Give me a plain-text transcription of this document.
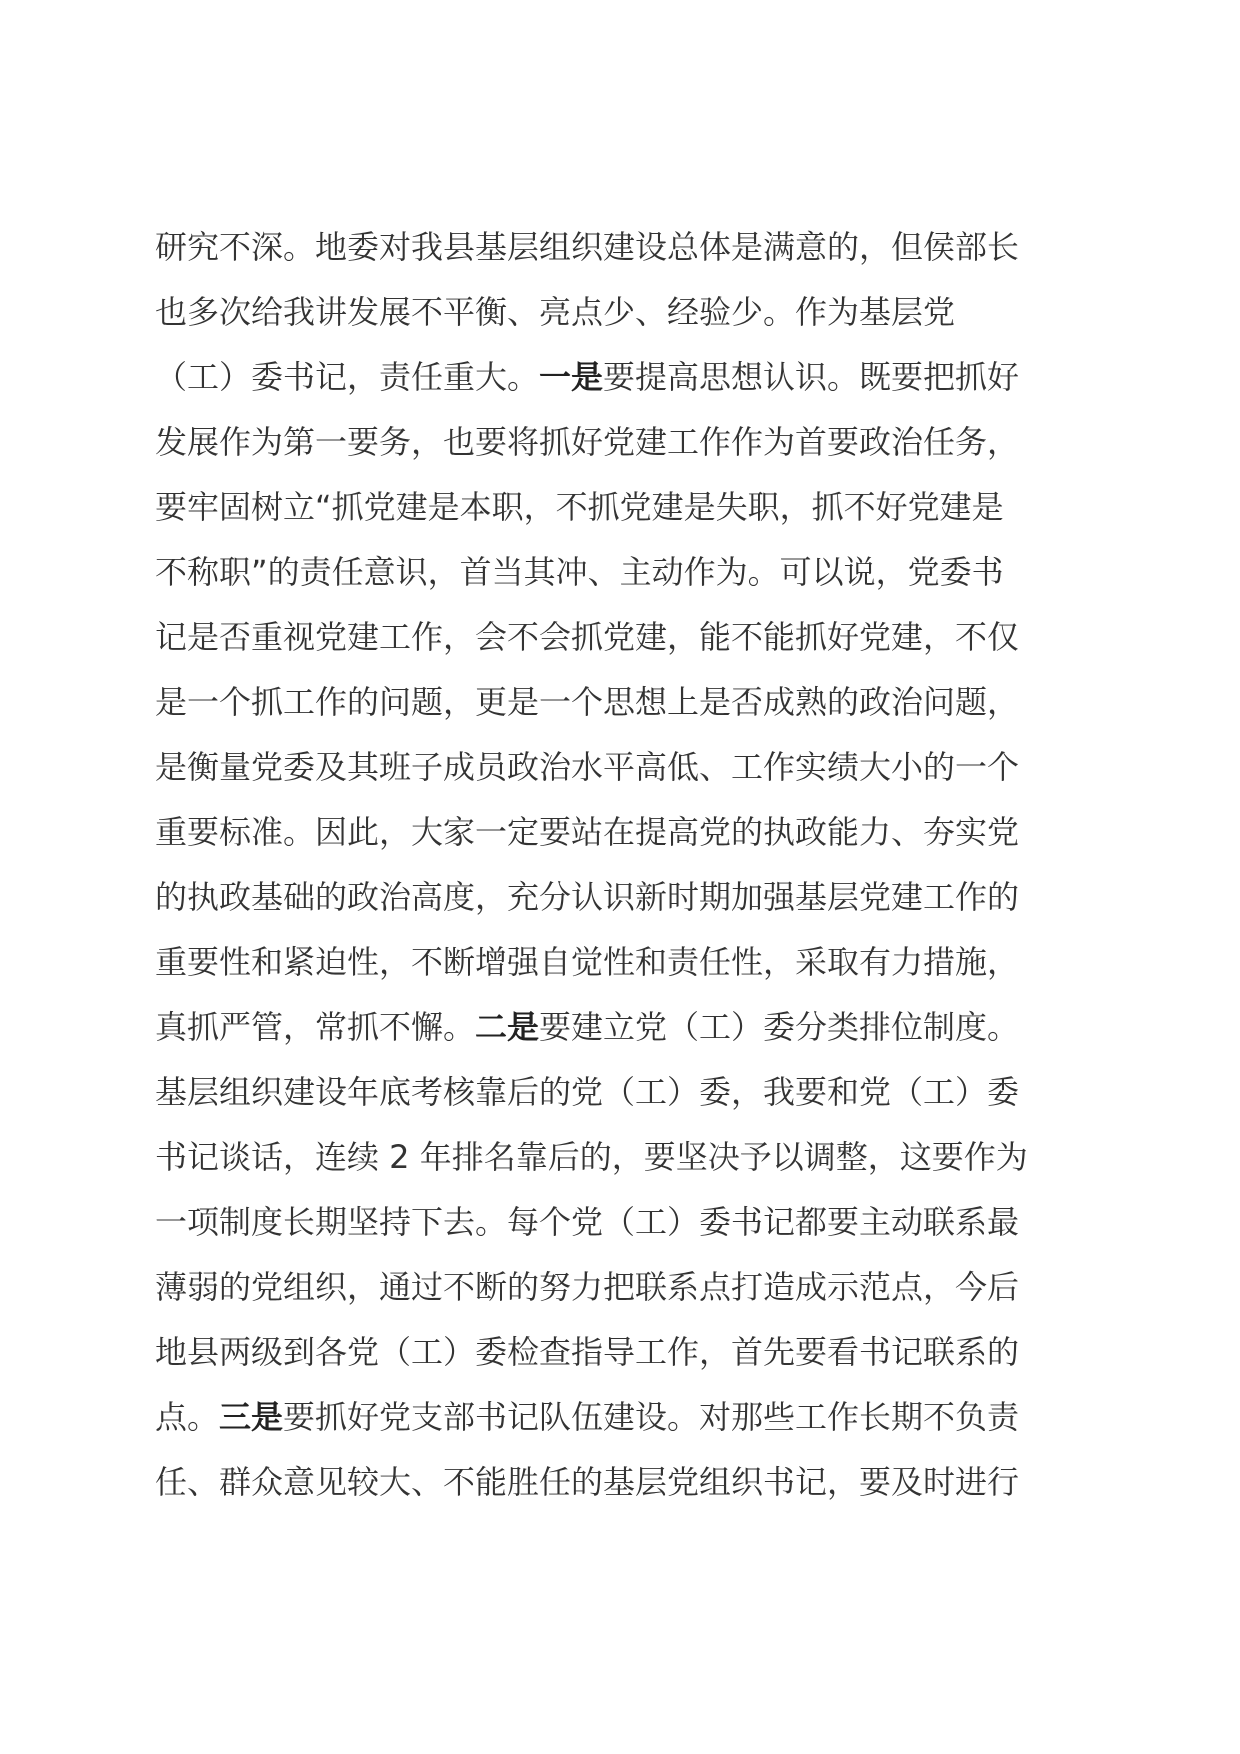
研究不深。地委对我县基层组织建设总体是满意的，但侯部长
也多次给我讲发展不平衡、亮点少、经验少。作为基层党
（工）委书记，责任重大。一是要提高思想认识。既要把抓好
发展作为第一要务，也要将抓好党建工作作为首要政治任务，
要牢固树立“抓党建是本职，不抓党建是失职，抓不好党建是
不称职”的责任意识，首当其冲、主动作为。可以说，党委书
记是否重视党建工作，会不会抓党建，能不能抓好党建，不仅
是一个抓工作的问题，更是一个思想上是否成熟的政治问题，
是衡量党委及其班子成员政治水平高低、工作实绩大小的一个
重要标准。因此，大家一定要站在提高党的执政能力、夯实党
的执政基础的政治高度，充分认识新时期加强基层党建工作的
重要性和紧迫性，不断增强自觉性和责任性，采取有力措施，
真抓严管，常抓不懈。二是要建立党（工）委分类排位制度。
基层组织建设年底考核靠后的党（工）委，我要和党（工）委
书记谈话，连续 2 年排名靠后的，要坚决予以调整，这要作为
一项制度长期坚持下去。每个党（工）委书记都要主动联系最
薄弱的党组织，通过不断的努力把联系点打造成示范点，今后
地县两级到各党（工）委检查指导工作，首先要看书记联系的
点。三是要抓好党支部书记队伍建设。对那些工作长期不负责
任、群众意见较大、不能胜任的基层党组织书记，要及时进行
